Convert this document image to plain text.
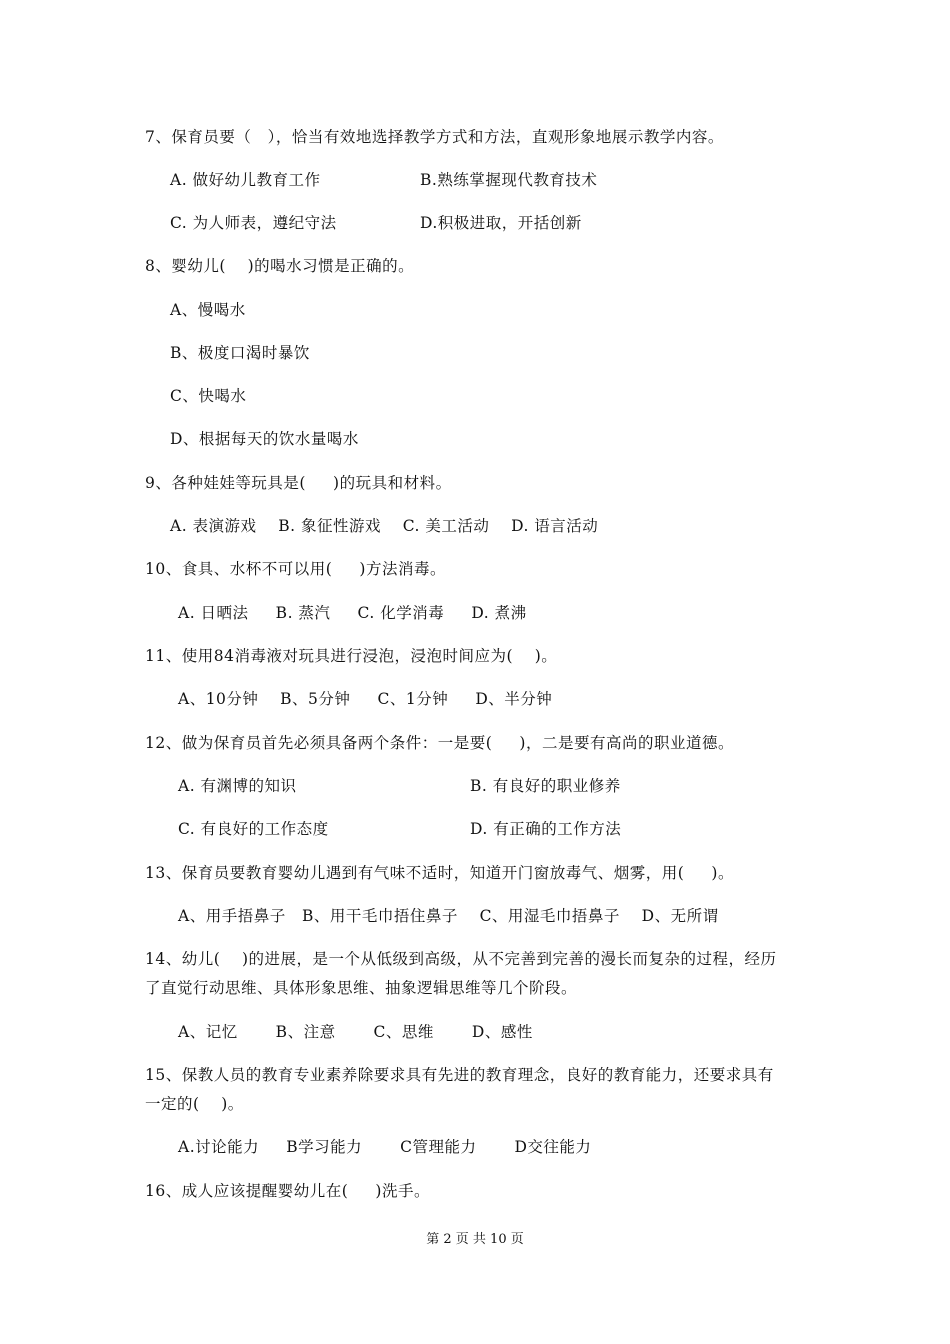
7、保育员要（   ），恰当有效地选择教学方式和方法，直观形象地展示教学内容。
A. 做好幼儿教育工作	B.熟练掌握现代教育技术
C. 为人师表，遵纪守法	D.积极进取，开括创新
8、婴幼儿(    )的喝水习惯是正确的。
A、慢喝水
B、极度口渴时暴饮
C、快喝水
D、根据每天的饮水量喝水
9、各种娃娃等玩具是(     )的玩具和材料。
A. 表演游戏    B. 象征性游戏    C. 美工活动    D. 语言活动
10、食具、水杯不可以用(     )方法消毒。
A. 日晒法     B. 蒸汽     C. 化学消毒     D. 煮沸
11、使用84消毒液对玩具进行浸泡，浸泡时间应为(    )。
A、10分钟    B、5分钟     C、1分钟     D、半分钟
12、做为保育员首先必须具备两个条件：一是要(     )，二是要有高尚的职业道德。
A. 有渊博的知识	B. 有良好的职业修养
C. 有良好的工作态度	D. 有正确的工作方法
13、保育员要教育婴幼儿遇到有气味不适时，知道开门窗放毒气、烟雾，用(     )。
A、用手捂鼻子   B、用干毛巾捂住鼻子    C、用湿毛巾捂鼻子    D、无所谓
14、幼儿(    )的进展，是一个从低级到高级，从不完善到完善的漫长而复杂的过程，经历
了直觉行动思维、具体形象思维、抽象逻辑思维等几个阶段。
A、记忆       B、注意       C、思维       D、感性
15、保教人员的教育专业素养除要求具有先进的教育理念，良好的教育能力，还要求具有
一定的(    )。
A.讨论能力     B学习能力       C管理能力       D交往能力
16、成人应该提醒婴幼儿在(     )洗手。
第 2 页 共 10 页
